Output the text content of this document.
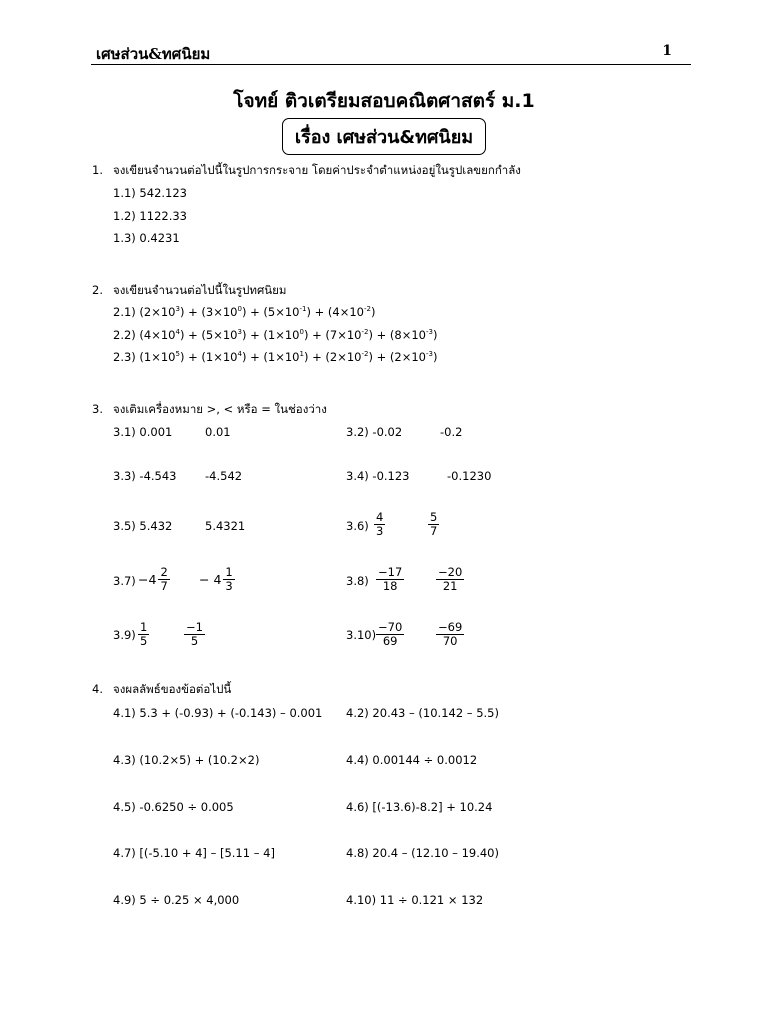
เศษส่วน&ทศนิยม	1
โจทย์ ติวเตรียมสอบคณิตศาสตร์ ม.1
เรื่อง เศษส่วน&ทศนิยม
1. จงเขียนจำนวนต่อไปนี้ในรูปการกระจาย โดยค่าประจำตำแหน่งอยู่ในรูปเลขยกกำลัง
1.1) 542.123
1.2) 1122.33
1.3) 0.4231
2. จงเขียนจำนวนต่อไปนี้ในรูปทศนิยม
2.1) $(2\times 10^3) + (3\times 10^0) + (5\times 10^{-1}) + (4\times 10^{-2})$
2.2) $(4\times 10^4) + (5\times 10^3) + (1\times 10^0) + (7\times 10^{-2}) + (8\times 10^{-3})$
2.3) $(1\times 10^5) + (1\times 10^4) + (1\times 10^1) + (2\times 10^{-2}) + (2\times 10^{-3})$
3. จงเติมเครื่องหมาย >, < หรือ = ในช่องว่าง
3.1) 0.001	0.01	3.2) -0.02	-0.2
3.3) -4.543 -4.542	3.4) -0.123	-0.1230
3.5) 5.432	5.4321	$3.6) \frac{4}{3}$	$\frac{5}{7}$
$3.7) -4 \frac{2}{7} - 4 \frac{1}{3}$	$3.8) \frac{-17}{18}$	$\frac{-20}{21}$
$3.9) \frac{1}{5}$	$\frac{-1}{5}$	$3.10) \frac{-70}{69}$	$\frac{-69}{70}$
4. จงผลลัพธ์ของข้อต่อไปนี้
4.1) 5.3 + (-0.93) + (-0.143) – 0.001 4.2) 20.43 – (10.142 – 5.5)
4.3) (10.2×5) + (10.2×2)	4.4) 0.00144 ÷ 0.0012
4.5) -0.6250 ÷ 0.005	4.6) [(-13.6)-8.2] + 10.24
4.7) [(-5.10 + 4] – [5.11 – 4]	4.8) 20.4 – (12.10 – 19.40)
4.9) 5 ÷ 0.25 × 4,000	4.10) 11 ÷ 0.121 × 132
